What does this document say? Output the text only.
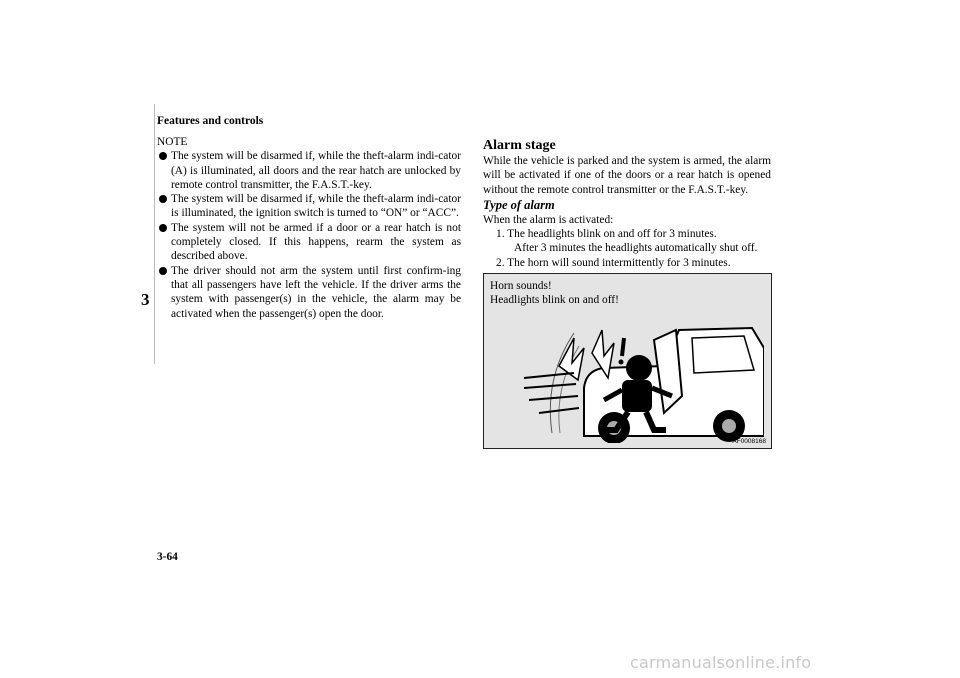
Features and controls
3

NOTE

The system will be disarmed if, while the theft-alarm indi-cator (A) is illuminated, all doors and the rear hatch are unlocked by remote control transmitter, the F.A.S.T.-key.

The system will be disarmed if, while the theft-alarm indi-cator is illuminated, the ignition switch is turned to “ON” or “ACC”.

The system will not be armed if a door or a rear hatch is not completely closed. If this happens, rearm the system as described above.

The driver should not arm the system until first confirm-ing that all passengers have left the vehicle. If the driver arms the system with passenger(s) in the vehicle, the alarm may be activated when the passenger(s) open the door.

Alarm stage

While the vehicle is parked and the system is armed, the alarm will be activated if one of the doors or a rear hatch is opened without the remote control transmitter or the F.A.S.T.-key.

Type of alarm

When the alarm is activated:

1. The headlights blink on and off for 3 minutes.

After 3 minutes the headlights automatically shut off.

2. The horn will sound intermittently for 3 minutes.

Horn sounds!
Headlights blink on and off!
AF0008168
3-64
carmanualsonline.info
